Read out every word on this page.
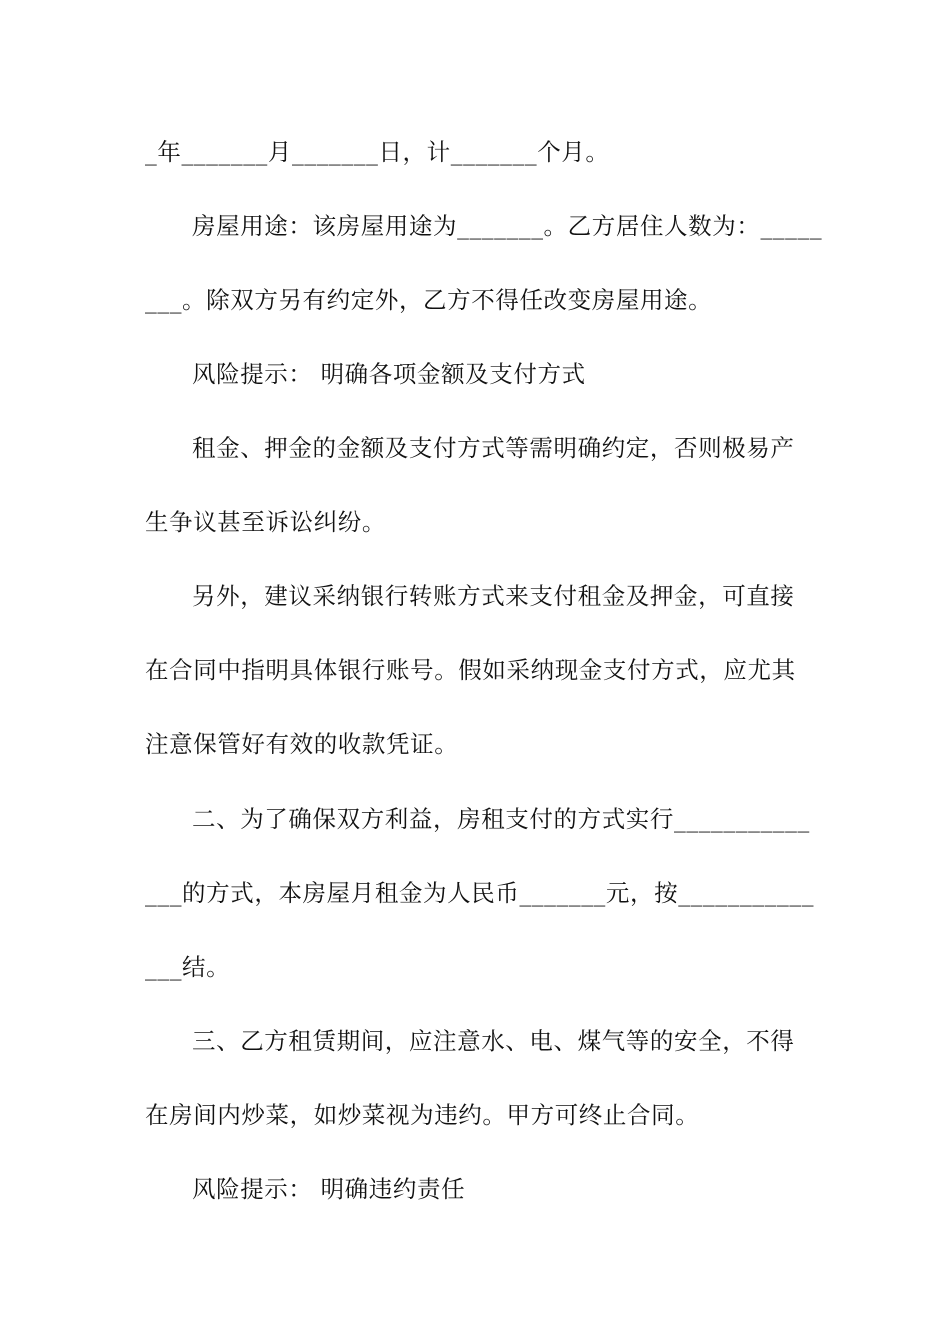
_年_______月_______日，计_______个月。
房屋用途：该房屋用途为_______。乙方居住人数为：_____
___。除双方另有约定外，乙方不得任改变房屋用途。
风险提示： 明确各项金额及支付方式
租金、押金的金额及支付方式等需明确约定，否则极易产
生争议甚至诉讼纠纷。
另外，建议采纳银行转账方式来支付租金及押金，可直接
在合同中指明具体银行账号。假如采纳现金支付方式，应尤其
注意保管好有效的收款凭证。
二、为了确保双方利益，房租支付的方式实行___________
___的方式，本房屋月租金为人民币_______元，按___________
___结。
三、乙方租赁期间，应注意水、电、煤气等的安全，不得
在房间内炒菜，如炒菜视为违约。甲方可终止合同。
风险提示： 明确违约责任
